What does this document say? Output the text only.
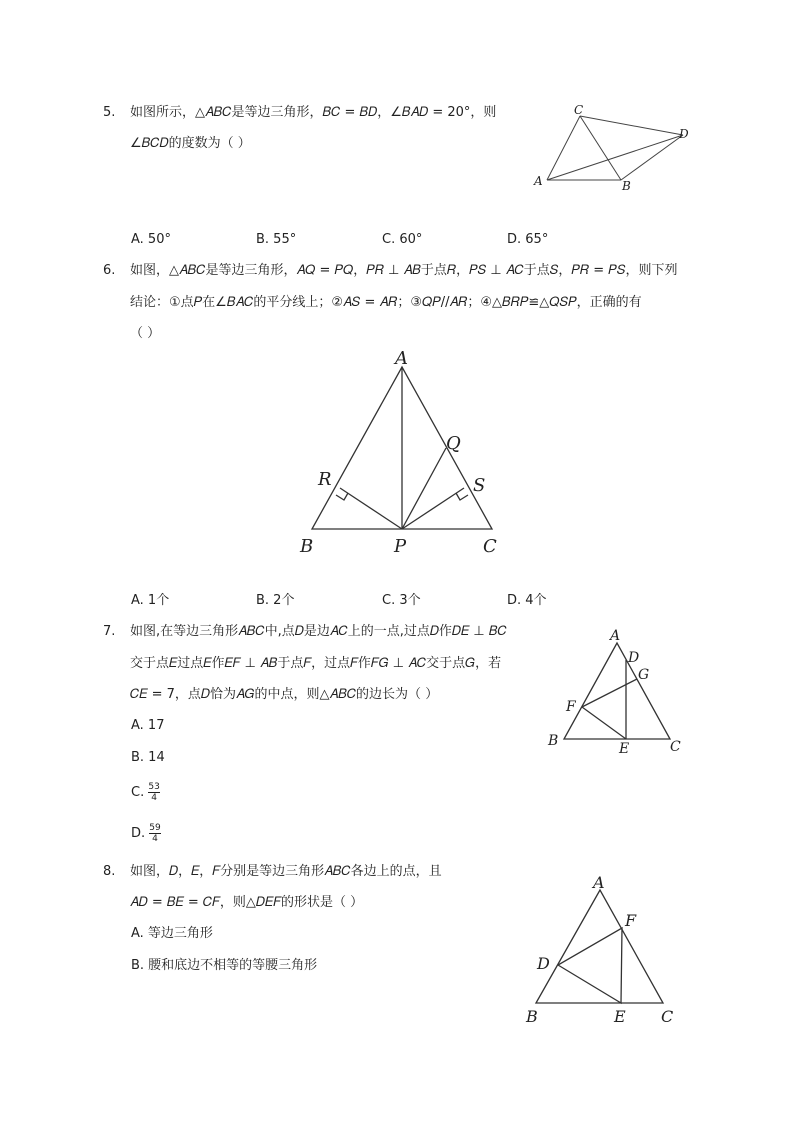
5. 如图所示，△𝐴𝐵𝐶是等边三角形，𝐵𝐶 = 𝐵𝐷，∠𝐵𝐴𝐷 = 20°，则
∠𝐵𝐶𝐷的度数为（ ）
C
D
A	B
A. 50°	B. 55°	C. 60°	D. 65°
6. 如图，△𝐴𝐵𝐶是等边三角形，𝐴𝑄 = 𝑃𝑄，𝑃𝑅 ⊥ 𝐴𝐵于点𝑅，𝑃𝑆 ⊥ 𝐴𝐶于点𝑆，𝑃𝑅 = 𝑃𝑆，则下列
结论：①点𝑃在∠𝐵𝐴𝐶的平分线上；②𝐴𝑆 = 𝐴𝑅；③𝑄𝑃//𝐴𝑅；④△𝐵𝑅𝑃≌△𝑄𝑆𝑃，正确的有
（ ）
A
Q
R	S
B	P	C
A. 1个	B. 2个	C. 3个	D. 4个
7. 如图,在等边三角形𝐴𝐵𝐶中,点𝐷是边𝐴𝐶上的一点,过点𝐷作𝐷𝐸 ⊥ 𝐵𝐶
交于点𝐸过点𝐸作𝐸𝐹 ⊥ 𝐴𝐵于点𝐹，过点𝐹作𝐹𝐺 ⊥ 𝐴𝐶交于点𝐺，若
𝐶𝐸 = 7，点𝐷恰为𝐴𝐺的中点，则△𝐴𝐵𝐶的边长为（ ）
A. 17
B. 14
C. $\frac{53}{4}$
D. $\frac{59}{4}$
A
D
G
F
B	E	C
8. 如图，𝐷，𝐸，𝐹分别是等边三角形𝐴𝐵𝐶各边上的点，且
𝐴𝐷 = 𝐵𝐸 = 𝐶𝐹，则△𝐷𝐸𝐹的形状是（ ）
A. 等边三角形
B. 腰和底边不相等的等腰三角形
A
F
D
B	E C
